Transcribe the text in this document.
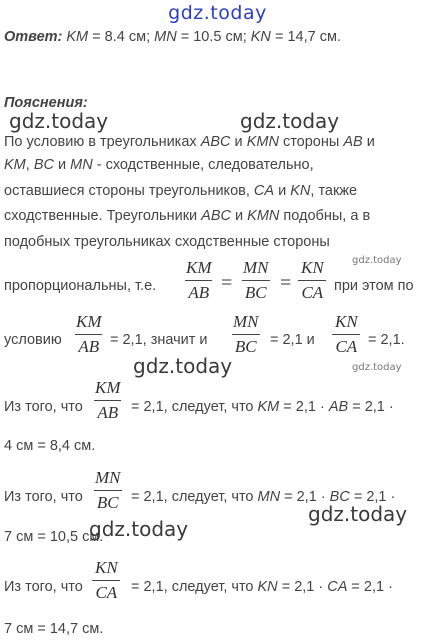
gdz.today
Ответ: KM = 8.4 см; MN = 10.5 см; KN = 14,7 см.
Пояснения:
gdz.today	gdz.today
По условию в треугольниках ABC и KMN стороны AB и
KM, BC и MN - сходственные, следовательно,
оставшиеся стороны треугольников, CA и KN, также
сходственные. Треугольники ABC и KMN подобны, а в
подобных треугольниках сходственные стороны
gdz.today
пропорциональны, т.е. $\frac{KM}{AB} = \frac{MN}{BC} = \frac{KN}{CA}$ при этом по
условию $\frac{KM}{AB} = 2,1$, значит и $\frac{MN}{BC} = 2,1$ и $\frac{KN}{CA} = 2,1$.
gdz.today	gdz.today
Из того, что $\frac{KM}{AB} = 2,1$, следует, что KM = 2,1 · AB = 2,1 ·
4 см = 8,4 см.
Из того, что $\frac{MN}{BC} = 2,1$, следует, что MN = 2,1 · BC = 2,1 ·
gdz.today
7 см = 10,5 см.
gdz.today
Из того, что $\frac{KN}{CA} = 2,1$, следует, что KN = 2,1 · CA = 2,1 ·
7 см = 14,7 см.
